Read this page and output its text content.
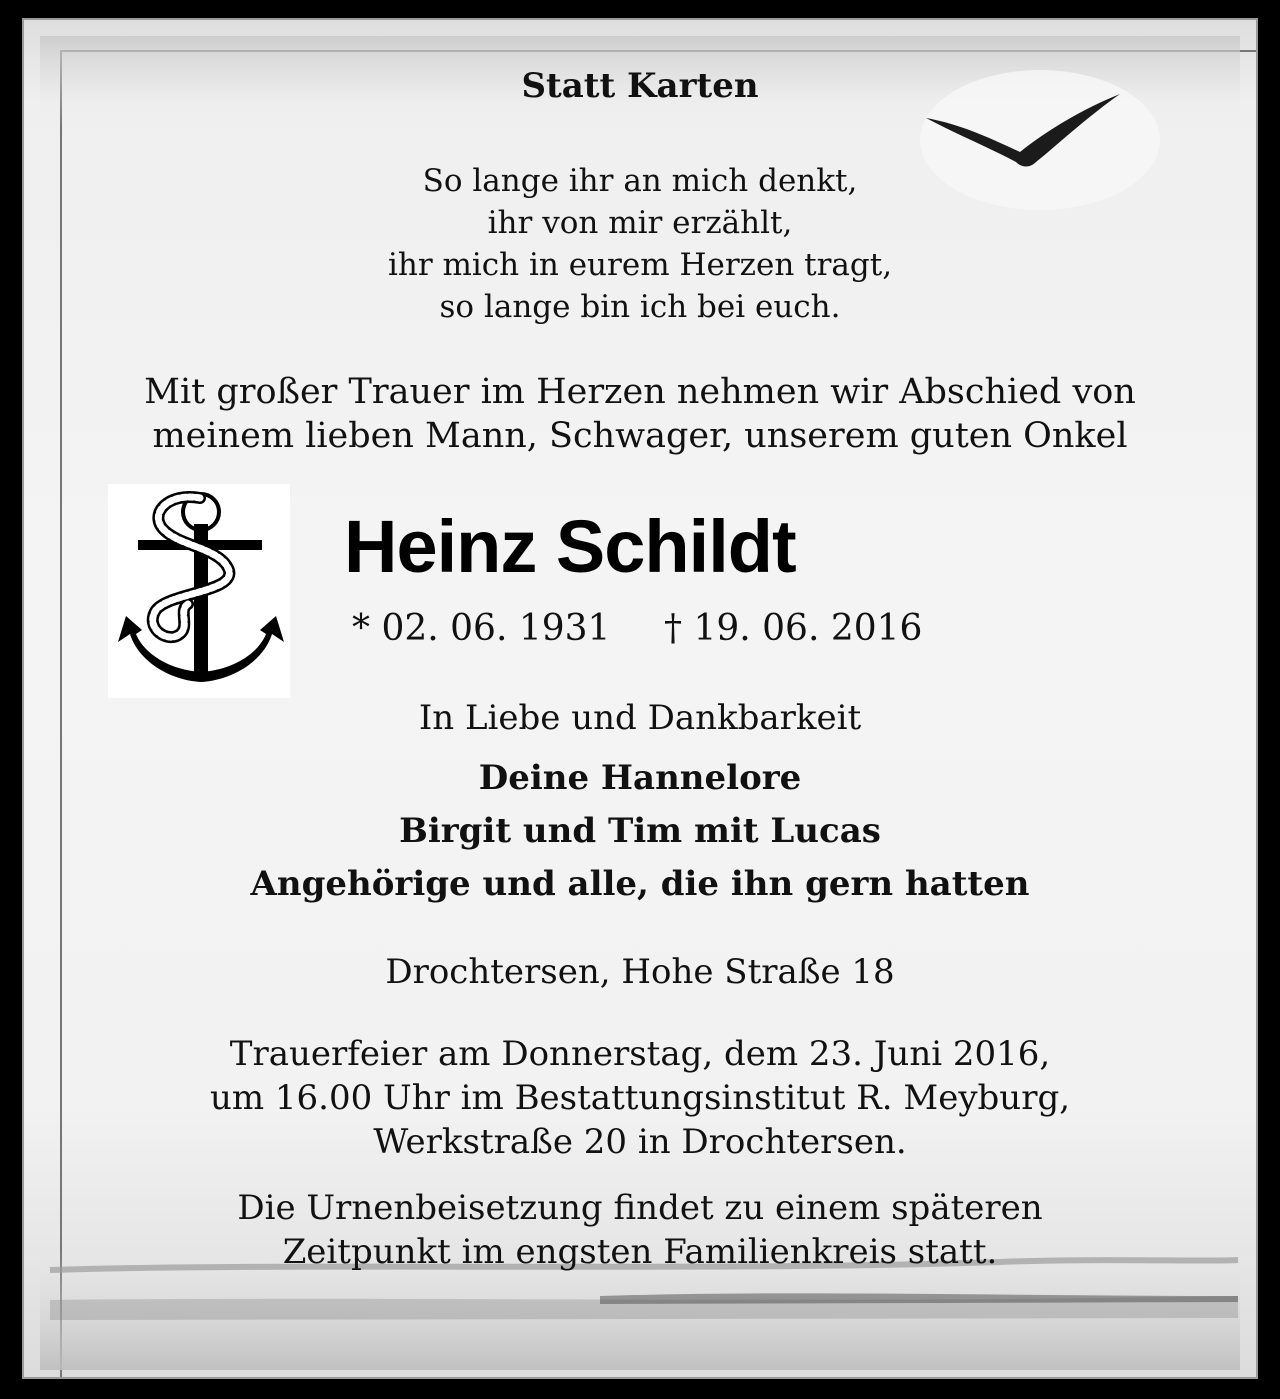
Statt Karten
So lange ihr an mich denkt,
ihr von mir erzählt,
ihr mich in eurem Herzen tragt,
so lange bin ich bei euch.
Mit großer Trauer im Herzen nehmen wir Abschied von
meinem lieben Mann, Schwager, unserem guten Onkel
Heinz Schildt
* 02. 06. 1931 † 19. 06. 2016
In Liebe und Dankbarkeit
Deine Hannelore
Birgit und Tim mit Lucas
Angehörige und alle, die ihn gern hatten
Drochtersen, Hohe Straße 18
Trauerfeier am Donnerstag, dem 23. Juni 2016,
um 16.00 Uhr im Bestattungsinstitut R. Meyburg,
Werkstraße 20 in Drochtersen.
Die Urnenbeisetzung findet zu einem späteren
Zeitpunkt im engsten Familienkreis statt.
